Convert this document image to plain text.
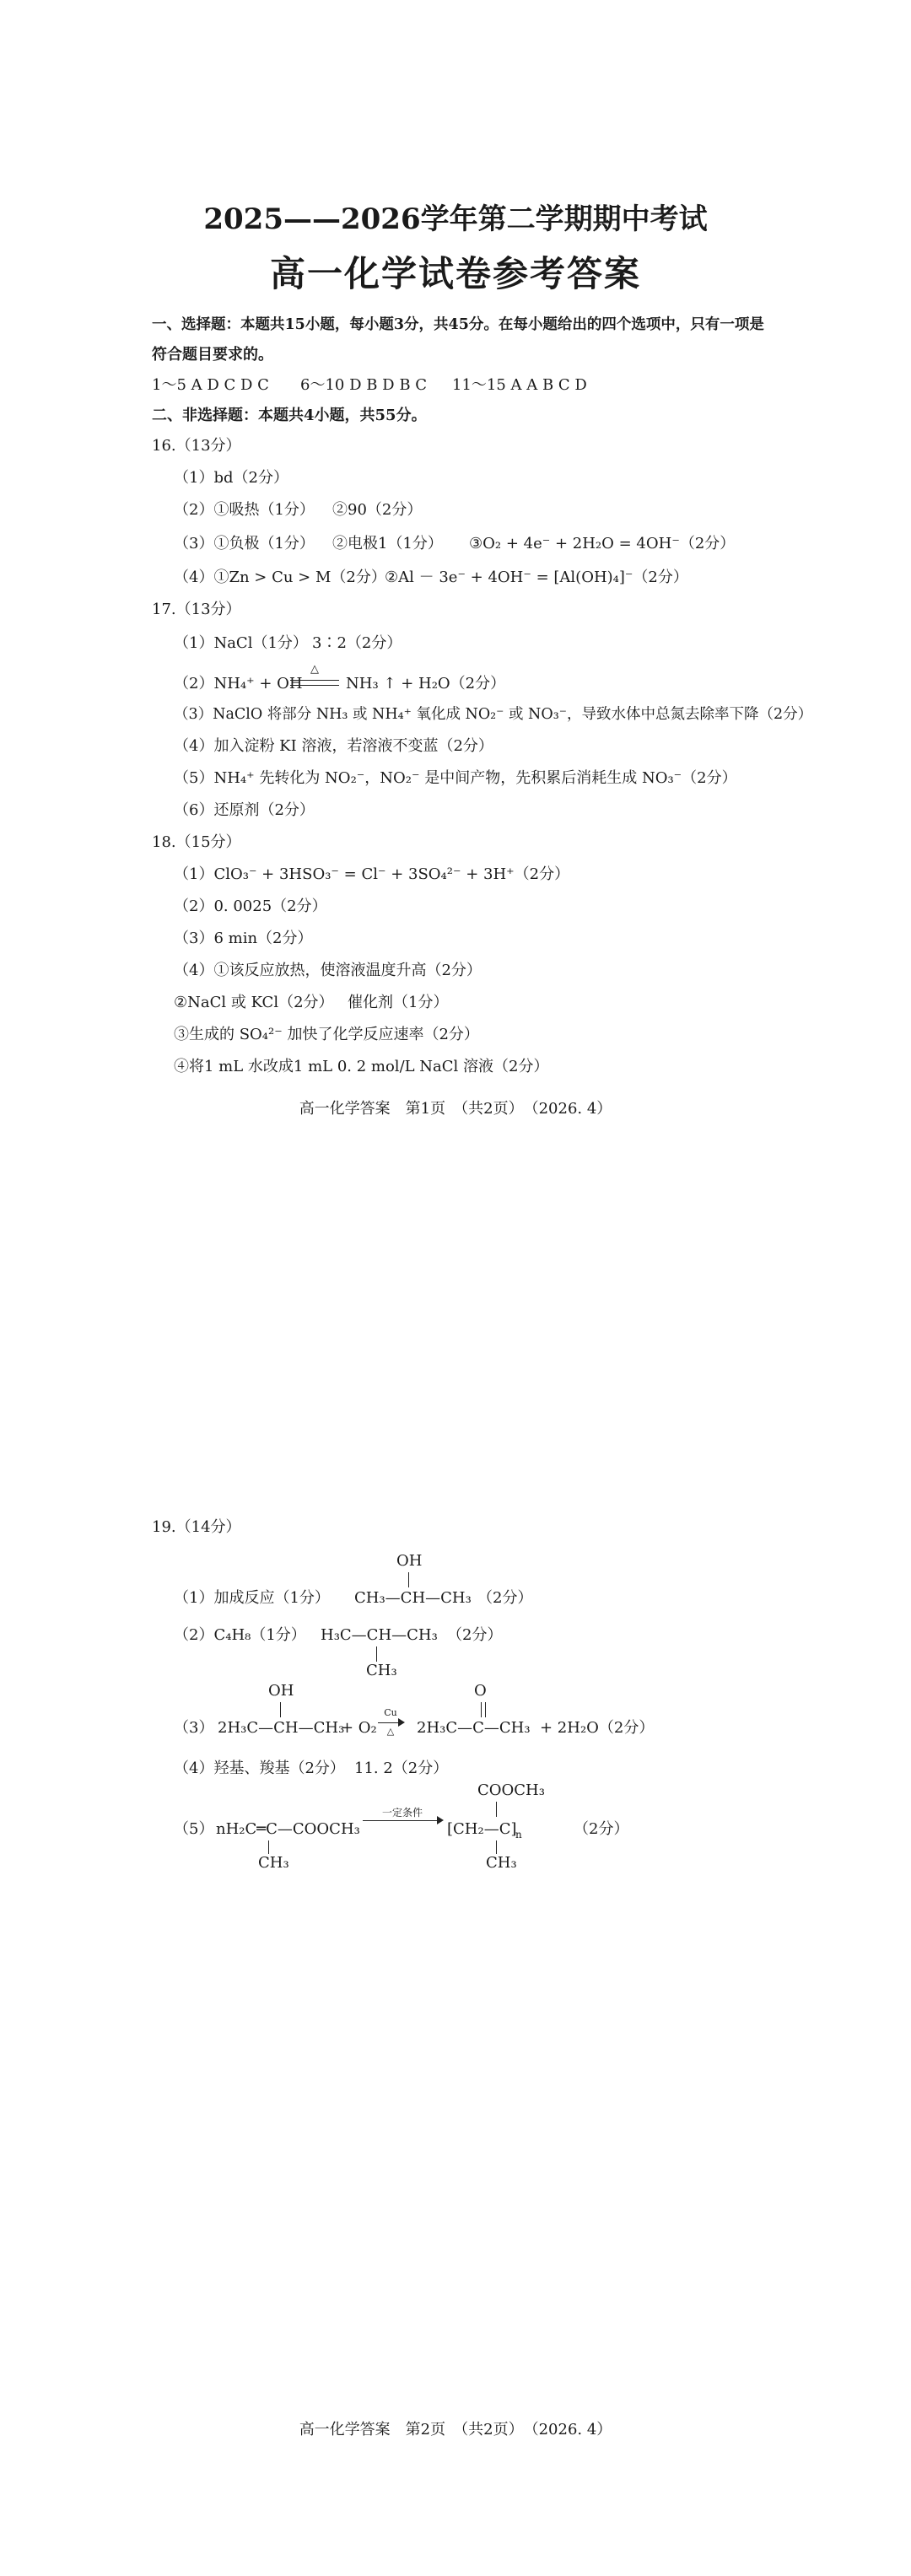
2025——2026学年第二学期期中考试
高一化学试卷参考答案
一、选择题：本题共15小题，每小题3分，共45分。在每小题给出的四个选项中，只有一项是
符合题目要求的。
1～5 A D C D C 6～10 D B D B C 11～15 A A B C D
二、非选择题：本题共4小题，共55分。
16.（13分）
（1）bd（2分）
（2）①吸热（1分） ②90（2分）
（3）①负极（1分） ②电极1（1分） ③O₂ + 4e⁻ + 2H₂O = 4OH⁻（2分）
（4）①Zn > Cu > M（2分）
②Al － 3e⁻ + 4OH⁻ = [Al(OH)₄]⁻（2分）
17.（13分）
（1）NaCl（1分） 3∶2（2分）
（2）NH₄⁺ + OH⁻
△
NH₃ ↑ + H₂O（2分）
（3）NaClO 将部分 NH₃ 或 NH₄⁺ 氧化成 NO₂⁻ 或 NO₃⁻，导致水体中总氮去除率下降（2分）
（4）加入淀粉 KI 溶液，若溶液不变蓝（2分）
（5）NH₄⁺ 先转化为 NO₂⁻，NO₂⁻ 是中间产物，先积累后消耗生成 NO₃⁻（2分）
（6）还原剂（2分）
18.（15分）
（1）ClO₃⁻ + 3HSO₃⁻ = Cl⁻ + 3SO₄²⁻ + 3H⁺（2分）
（2）0. 0025（2分）
（3）6 min（2分）
（4）①该反应放热，使溶液温度升高（2分）
②NaCl 或 KCl（2分） 催化剂（1分）
③生成的 SO₄²⁻ 加快了化学反应速率（2分）
④将1 mL 水改成1 mL 0. 2 mol/L NaCl 溶液（2分）
高一化学答案　第1页　（共2页）　（2026. 4）
19.（14分）
（1）加成反应（1分）
OH
CH₃—CH—CH₃ （2分）
（2）C₄H₈（1分） H₃C—CH—CH₃ （2分）
CH₃
（3）
OH
2H₃C—CH—CH₃
+ O₂
Cu
△
O
2H₃C—C—CH₃ + 2H₂O（2分）
（4）羟基、羧基（2分） 11. 2（2分）
（5） nH₂C═C—COOCH₃
CH₃
一定条件
COOCH₃
[CH₂—C]
n
CH₃
（2分）
高一化学答案　第2页　（共2页）　（2026. 4）
